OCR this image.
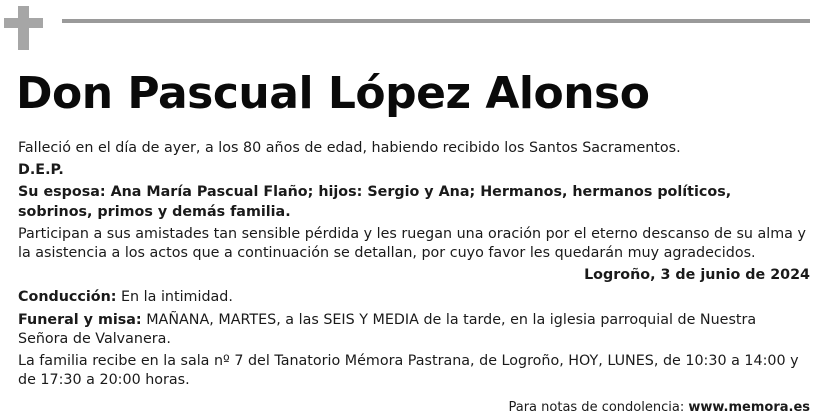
Don Pascual López Alonso

Falleció en el día de ayer, a los 80 años de edad, habiendo recibido los Santos Sacramentos.

D.E.P.

Su esposa: Ana María Pascual Flaño; hijos: Sergio y Ana; Hermanos, hermanos políticos, sobrinos, primos y demás familia.

Participan a sus amistades tan sensible pérdida y les ruegan una oración por el eterno descanso de su alma y la asistencia a los actos que a continuación se detallan, por cuyo favor les quedarán muy agradecidos.

Logroño, 3 de junio de 2024

Conducción: En la intimidad.

Funeral y misa: MAÑANA, MARTES, a las SEIS Y MEDIA de la tarde, en la iglesia parroquial de Nuestra Señora de Valvanera.

La familia recibe en la sala nº 7 del Tanatorio Mémora Pastrana, de Logroño, HOY, LUNES, de 10:30 a 14:00 y de 17:30 a 20:00 horas.

Para notas de condolencia: www.memora.es
